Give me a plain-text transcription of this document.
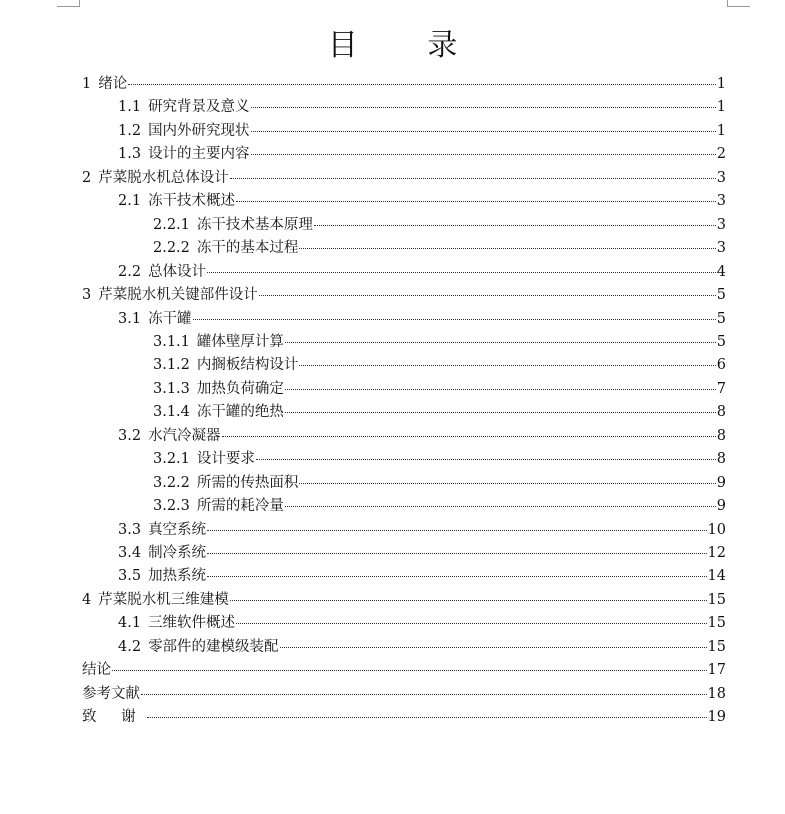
目 录
1 绪论	1
1.1 研究背景及意义	1
1.2 国内外研究现状	1
1.3 设计的主要内容	2
2 芹菜脱水机总体设计	3
2.1 冻干技术概述	3
2.2.1 冻干技术基本原理	3
2.2.2 冻干的基本过程	3
2.2 总体设计	4
3 芹菜脱水机关键部件设计	5
3.1 冻干罐	5
3.1.1 罐体壁厚计算	5
3.1.2 内搁板结构设计	6
3.1.3 加热负荷确定	7
3.1.4 冻干罐的绝热	8
3.2 水汽冷凝器	8
3.2.1 设计要求	8
3.2.2 所需的传热面积	9
3.2.3 所需的耗冷量	9
3.3 真空系统	10
3.4 制冷系统	12
3.5 加热系统	14
4 芹菜脱水机三维建模	15
4.1 三维软件概述	15
4.2 零部件的建模级装配	15
结论	17
参考文献	18
致 谢	19
